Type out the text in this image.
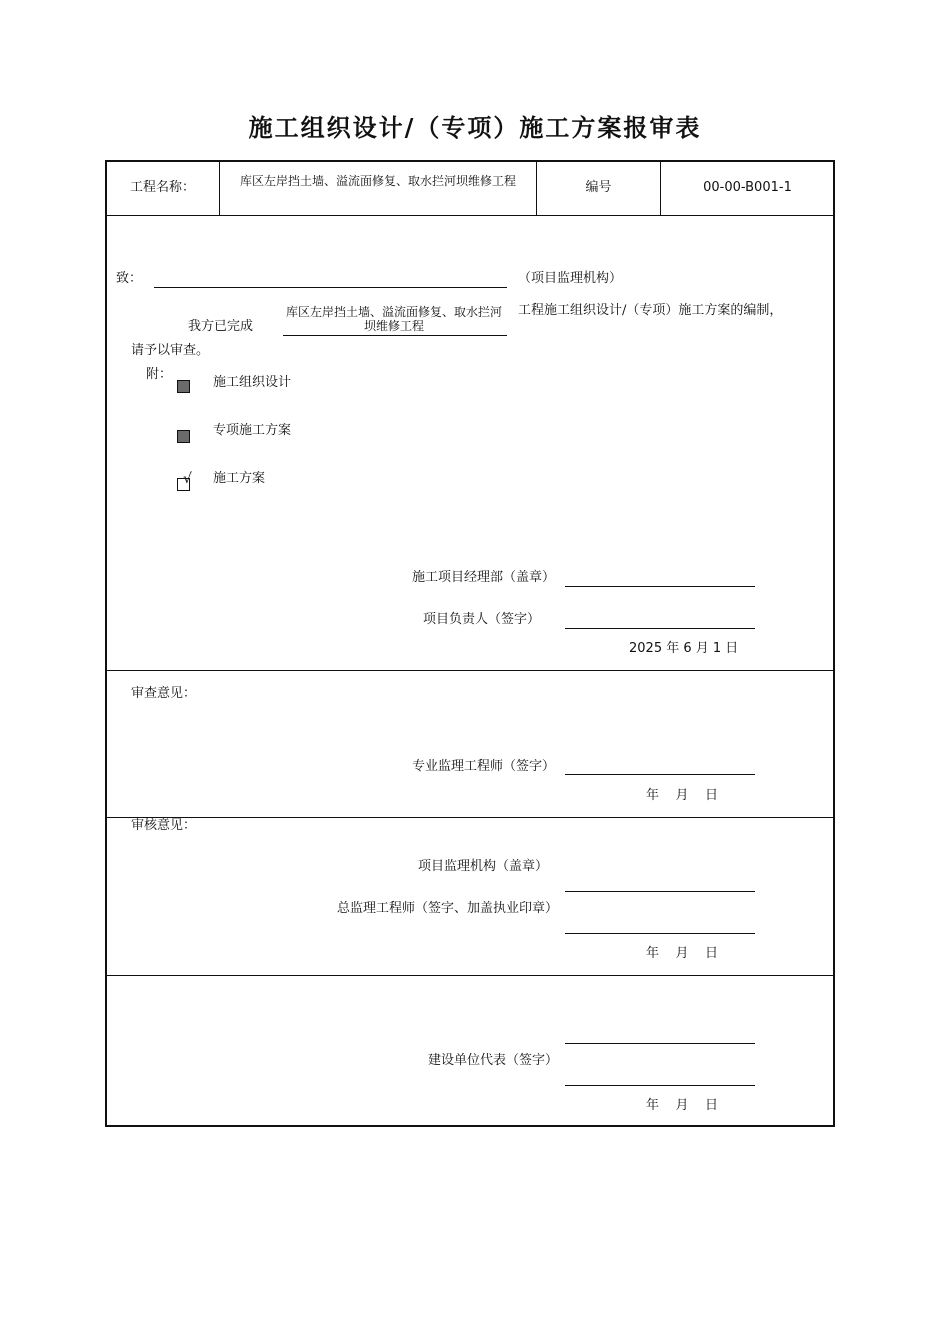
施工组织设计/（专项）施工方案报审表
工程名称：	库区左岸挡土墙、溢流面修复、取水拦河坝维修工程	编号	00-00-B001-1
致：	（项目监理机构）
我方已完成
库区左岸挡土墙、溢流面修复、取水拦河坝维修工程
工程施工组织设计/（专项）施工方案的编制，
请予以审查。
附：
施工组织设计
专项施工方案
√ 施工方案
施工项目经理部（盖章）
项目负责人（签字）
2025 年 6 月 1 日
审查意见：
专业监理工程师（签字）
年    月    日
审核意见：
项目监理机构（盖章）
总监理工程师（签字、加盖执业印章）
年    月    日
建设单位代表（签字）
年    月    日
